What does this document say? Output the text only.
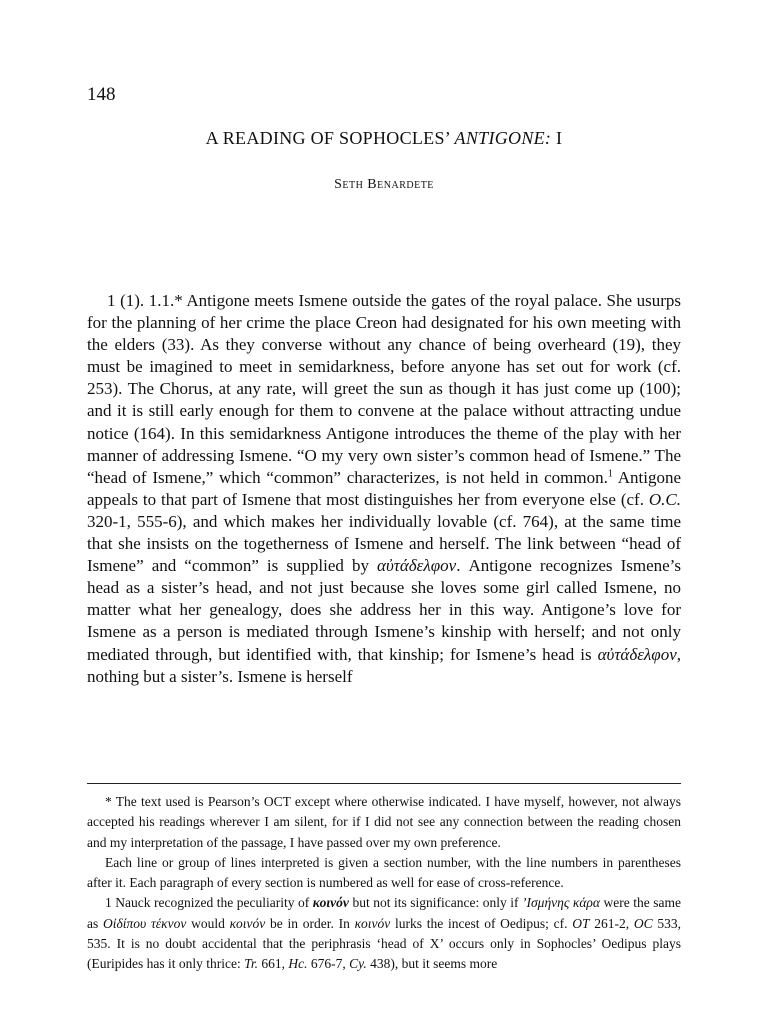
148
A READING OF SOPHOCLES’ ANTIGONE: I
Seth Benardete

1 (1). 1.1.* Antigone meets Ismene outside the gates of the royal palace. She usurps for the planning of her crime the place Creon had designated for his own meeting with the elders (33). As they converse without any chance of being overheard (19), they must be imagined to meet in semidarkness, before anyone has set out for work (cf. 253). The Chorus, at any rate, will greet the sun as though it has just come up (100); and it is still early enough for them to convene at the palace without attracting undue notice (164). In this semidarkness Antigone introduces the theme of the play with her manner of addressing Ismene. “O my very own sister’s common head of Ismene.” The “head of Ismene,” which “common” characterizes, is not held in common.$^1$ Antigone appeals to that part of Ismene that most distinguishes her from everyone else (cf. O.C. 320-1, 555-6), and which makes her individually lovable (cf. 764), at the same time that she insists on the togetherness of Ismene and herself. The link between “head of Ismene” and “common” is supplied by αὐτάδελφον. Antigone recognizes Ismene’s head as a sister’s head, and not just because she loves some girl called Ismene, no matter what her genealogy, does she address her in this way. Antigone’s love for Ismene as a person is mediated through Ismene’s kinship with herself; and not only mediated through, but identified with, that kinship; for Ismene’s head is αὐτάδελφον, nothing but a sister’s. Ismene is herself

* The text used is Pearson’s OCT except where otherwise indicated. I have myself, however, not always accepted his readings wherever I am silent, for if I did not see any connection between the reading chosen and my interpretation of the passage, I have passed over my own preference.

Each line or group of lines interpreted is given a section number, with the line numbers in parentheses after it. Each paragraph of every section is numbered as well for ease of cross-reference.

1 Nauck recognized the peculiarity of κοινόν but not its significance: only if ’Ισμήνης κάρα were the same as Οἰδίπου τέκνον would κοινόν be in order. In κοινόν lurks the incest of Oedipus; cf. OT 261-2, OC 533, 535. It is no doubt accidental that the periphrasis ‘head of X’ occurs only in Sophocles’ Oedipus plays (Euripides has it only thrice: Tr. 661, Hc. 676-7, Cy. 438), but it seems more
